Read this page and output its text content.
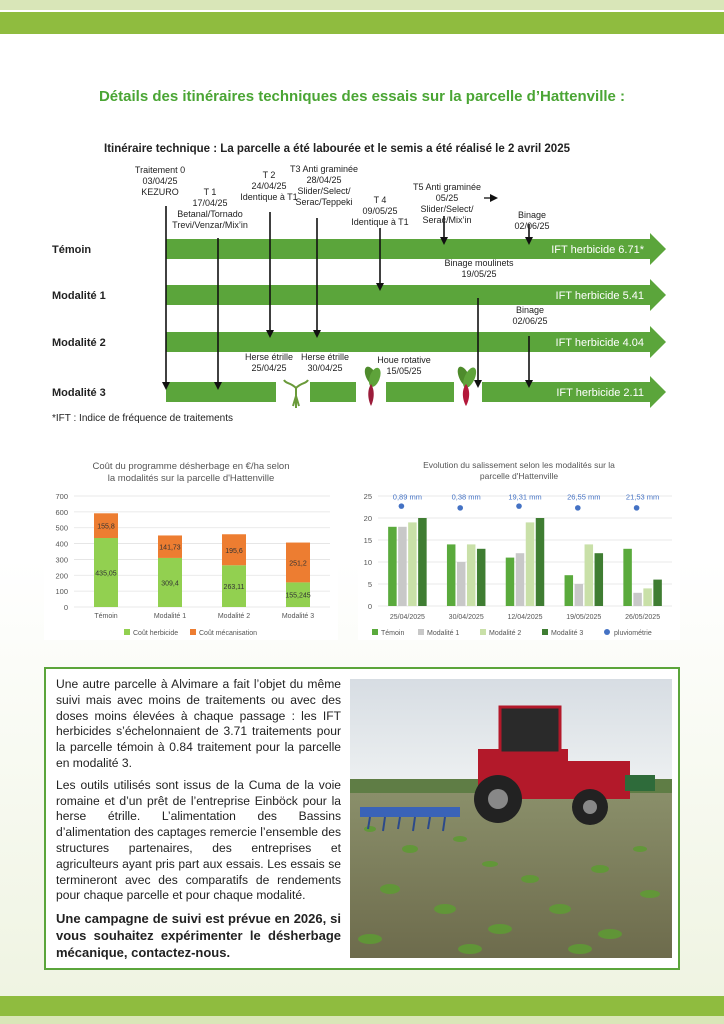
Détails des itinéraires techniques des essais sur la parcelle d’Hattenville :
Itinéraire technique : La parcelle a été labourée et le semis a été réalisé le 2 avril 2025
Témoin	IFT herbicide 6.71*
Modalité 1	IFT herbicide 5.41
Modalité 2	IFT herbicide 4.04
Modalité 3	IFT herbicide 2.11
Traitement 0
03/04/25
KEZURO	T 1
17/04/25
Betanal/Tornado
Trevi/Venzar/Mix’in
T 2
24/04/25
Identique à T1
T3 Anti graminée
28/04/25
Slider/Select/
Serac/Teppeki T 4
09/05/25
Identique à T1
T5 Anti graminée
05/25
Slider/Select/
Serac/Mix’in	Binage
02/06/25
Binage moulinets
19/05/25
Binage
02/06/25
Herse étrille
25/04/25
Herse étrille
30/04/25
Houe rotative
15/05/25
*IFT : Indice de fréquence de traitements
Coût du programme désherbage en €/ha selon
la modalités sur la parcelle d'Hattenville
0
100
200
300
400
500
600
700
435,05
155,8
Témoin
309,4
141,73
Modalité 1
263,11
195,6
Modalité 2
155,245
251,2
Modalité 3
Coût herbicide	Coût mécanisation
Evolution du salissement selon les modalités sur la
parcelle d'Hattenville
0
5
10
15
20
25	0,89 mm
25/04/2025
0,38 mm
30/04/2025
19,31 mm
12/04/2025
26,55 mm
19/05/2025
21,53 mm
26/05/2025
Témoin	Modalité 1	Modalité 2	Modalité 3	pluviométrie

Une autre parcelle à Alvimare a fait l’objet du même suivi mais avec moins de traitements ou avec des doses moins élevées à chaque passage : les IFT herbicides s’échelonnaient de 3.71 traitements pour la parcelle témoin à 0.84 traitement pour la parcelle en modalité 3.

Les outils utilisés sont issus de la Cuma de la voie romaine et d’un prêt de l’entreprise Einböck pour la herse étrille. L’alimentation des Bassins d’alimentation des captages remercie l’ensemble des structures partenaires, des entreprises et agriculteurs ayant pris part aux essais. Les essais se termineront avec des comparatifs de rendements pour chaque parcelle et pour chaque modalité.

Une campagne de suivi est prévue en 2026, si vous souhaitez expérimenter le désherbage mécanique, contactez-nous.
